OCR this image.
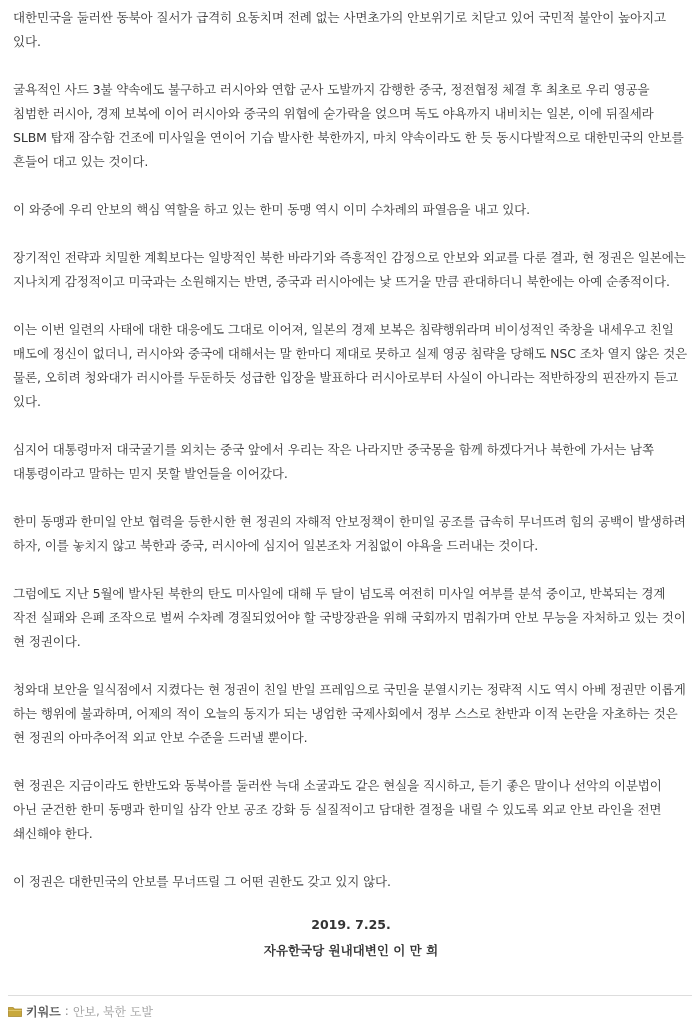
대한민국을 둘러싼 동북아 질서가 급격히 요동치며 전례 없는 사면초가의 안보위기로 치닫고 있어 국민적 불안이 높아지고 있다.

굴욕적인 사드 3불 약속에도 불구하고 러시아와 연합 군사 도발까지 감행한 중국, 정전협정 체결 후 최초로 우리 영공을 침범한 러시아, 경제 보복에 이어 러시아와 중국의 위협에 숟가락을 얹으며 독도 야욕까지 내비치는 일본, 이에 뒤질세라 SLBM 탑재 잠수함 건조에 미사일을 연이어 기습 발사한 북한까지, 마치 약속이라도 한 듯 동시다발적으로 대한민국의 안보를 흔들어 대고 있는 것이다.

이 와중에 우리 안보의 핵심 역할을 하고 있는 한미 동맹 역시 이미 수차례의 파열음을 내고 있다.

장기적인 전략과 치밀한 계획보다는 일방적인 북한 바라기와 즉흥적인 감정으로 안보와 외교를 다룬 결과, 현 정권은 일본에는 지나치게 감정적이고 미국과는 소원해지는 반면, 중국과 러시아에는 낯 뜨거울 만큼 관대하더니 북한에는 아예 순종적이다.

이는 이번 일련의 사태에 대한 대응에도 그대로 이어져, 일본의 경제 보복은 침략행위라며 비이성적인 죽창을 내세우고 친일 매도에 정신이 없더니, 러시아와 중국에 대해서는 말 한마디 제대로 못하고 실제 영공 침략을 당해도 NSC 조차 열지 않은 것은 물론, 오히려 청와대가 러시아를 두둔하듯 성급한 입장을 발표하다 러시아로부터 사실이 아니라는 적반하장의 핀잔까지 듣고 있다.

심지어 대통령마저 대국굴기를 외치는 중국 앞에서 우리는 작은 나라지만 중국몽을 함께 하겠다거나 북한에 가서는 남쪽 대통령이라고 말하는 믿지 못할 발언들을 이어갔다.

한미 동맹과 한미일 안보 협력을 등한시한 현 정권의 자해적 안보정책이 한미일 공조를 급속히 무너뜨려 힘의 공백이 발생하려 하자, 이를 놓치지 않고 북한과 중국, 러시아에 심지어 일본조차 거침없이 야욕을 드러내는 것이다.

그럼에도 지난 5월에 발사된 북한의 탄도 미사일에 대해 두 달이 넘도록 여전히 미사일 여부를 분석 중이고, 반복되는 경계 작전 실패와 은폐 조작으로 벌써 수차례 경질되었어야 할 국방장관을 위해 국회까지 멈춰가며 안보 무능을 자처하고 있는 것이 현 정권이다.

청와대 보안을 일식점에서 지켰다는 현 정권이 친일 반일 프레임으로 국민을 분열시키는 정략적 시도 역시 아베 정권만 이롭게 하는 행위에 불과하며, 어제의 적이 오늘의 동지가 되는 냉엄한 국제사회에서 정부 스스로 찬반과 이적 논란을 자초하는 것은 현 정권의 아마추어적 외교 안보 수준을 드러낼 뿐이다.

현 정권은 지금이라도 한반도와 동북아를 둘러싼 늑대 소굴과도 같은 현실을 직시하고, 듣기 좋은 말이나 선악의 이분법이 아닌 굳건한 한미 동맹과 한미일 삼각 안보 공조 강화 등 실질적이고 담대한 결정을 내릴 수 있도록 외교 안보 라인을 전면 쇄신해야 한다.

이 정권은 대한민국의 안보를 무너뜨릴 그 어떤 권한도 갖고 있지 않다.

2019. 7.25.

자유한국당 원내대변인 이 만 희

키워드 : 안보 , 북한 도발
